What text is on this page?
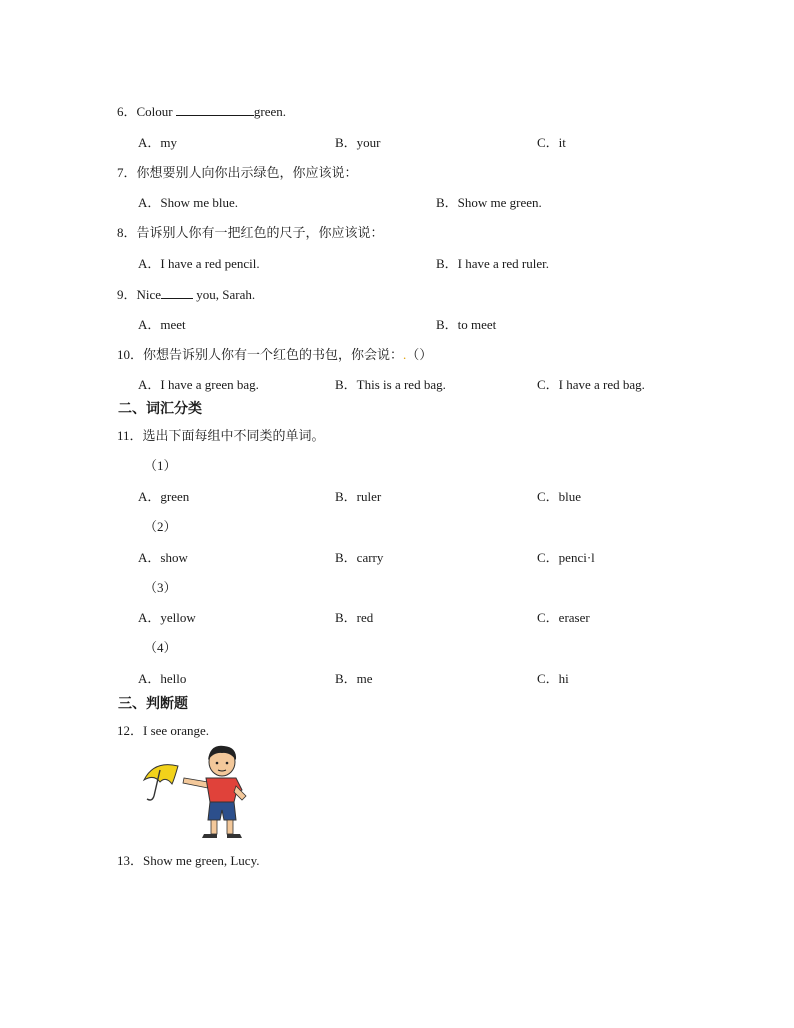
6．Colour	green.
A．my	B．your	C．it
7．你想要别人向你出示绿色，你应该说：
A．Show me blue.	B．Show me green.
8．告诉别人你有一把红色的尺子，你应该说：
A．I have a red pencil.	B．I have a red ruler.
9．Nice you, Sarah.
A．meet	B．to meet
10．你想告诉别人你有一个红色的书包，你会说：.（）
A．I have a green bag.	B．This is a red bag.	C．I have a red bag.
二、词汇分类
11．选出下面每组中不同类的单词。
（1）
A．green	B．ruler	C．blue
（2）
A．show	B．carry	C．penci·l
（3）
A．yellow	B．red	C．eraser
（4）
A．hello	B．me	C．hi
三、判断题
12．I see orange.
13．Show me green, Lucy.
